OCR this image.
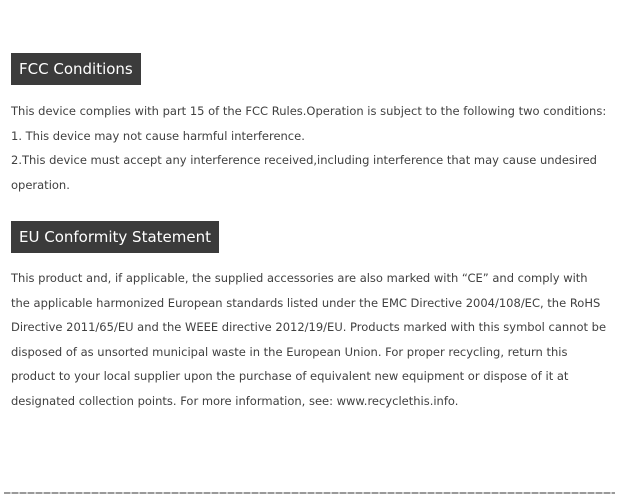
FCC Conditions
This device complies with part 15 of the FCC Rules.Operation is subject to the following two conditions:
1. This device may not cause harmful interference.
2.This device must accept any interference received,including interference that may cause undesired
operation.
EU Conformity Statement
This product and, if applicable, the supplied accessories are also marked with “CE” and comply with
the applicable harmonized European standards listed under the EMC Directive 2004/108/EC, the RoHS
Directive 2011/65/EU and the WEEE directive 2012/19/EU. Products marked with this symbol cannot be
disposed of as unsorted municipal waste in the European Union. For proper recycling, return this
product to your local supplier upon the purchase of equivalent new equipment or dispose of it at
designated collection points. For more information, see: www.recyclethis.info.
